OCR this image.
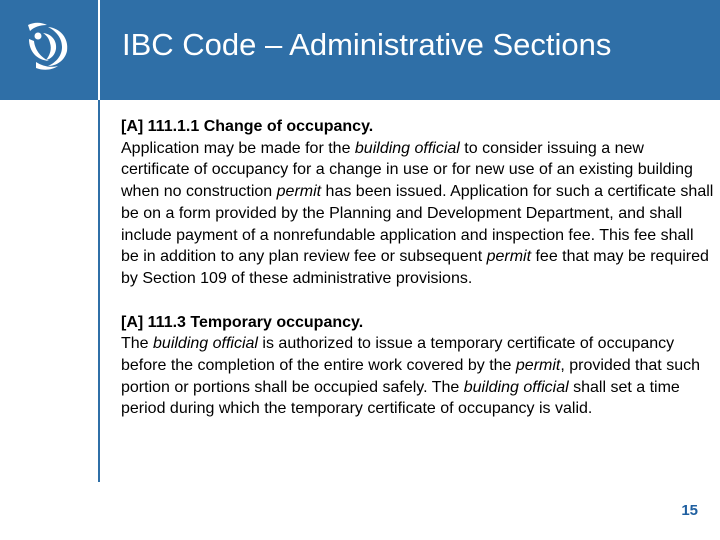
IBC Code – Administrative Sections

[A] 111.1.1 Change of occupancy.
Application may be made for the building official to consider issuing a new certificate of occupancy for a change in use or for new use of an existing building when no construction permit has been issued. Application for such a certificate shall be on a form provided by the Planning and Development Department, and shall include payment of a nonrefundable application and inspection fee. This fee shall be in addition to any plan review fee or subsequent permit fee that may be required by Section 109 of these administrative provisions.

[A] 111.3 Temporary occupancy.
The building official is authorized to issue a temporary certificate of occupancy before the completion of the entire work covered by the permit, provided that such portion or portions shall be occupied safely. The building official shall set a time period during which the temporary certificate of occupancy is valid.

15
